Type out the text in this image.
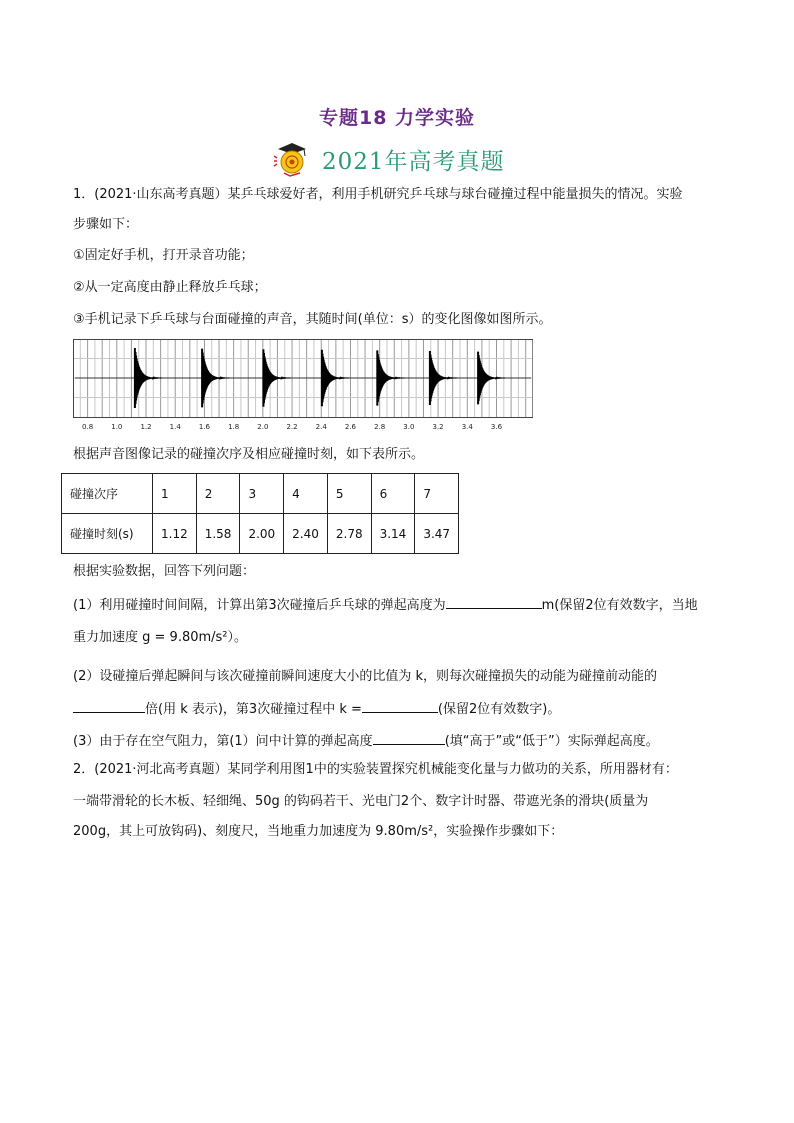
专题18 力学实验
2021年高考真题
1．(2021·山东高考真题）某乒乓球爱好者，利用手机研究乒乓球与球台碰撞过程中能量损失的情况。实验
步骤如下：
①固定好手机，打开录音功能；
②从一定高度由静止释放乒乓球；
③手机记录下乒乓球与台面碰撞的声音，其随时间(单位：s）的变化图像如图所示。
0.8	1.0	1.2	1.4	1.6	1.8	2.0	2.2	2.4	2.6	2.8	3.0	3.2	3.4	3.6
根据声音图像记录的碰撞次序及相应碰撞时刻，如下表所示。
碰撞次序	1	2	3	4	5	6	7
碰撞时刻(s)	1.12	1.58	2.00	2.40	2.78	3.14	3.47
根据实验数据，回答下列问题：
(1）利用碰撞时间间隔，计算出第3次碰撞后乒乓球的弹起高度为	m(保留2位有效数字，当地
重力加速度 g = 9.80m/s²）。
(2）设碰撞后弹起瞬间与该次碰撞前瞬间速度大小的比值为 k，则每次碰撞损失的动能为碰撞前动能的
倍(用 k 表示)，第3次碰撞过程中 k =	(保留2位有效数字)。
(3）由于存在空气阻力，第(1）问中计算的弹起高度	(填“高于”或“低于”）实际弹起高度。
2．(2021·河北高考真题）某同学利用图1中的实验装置探究机械能变化量与力做功的关系，所用器材有：
一端带滑轮的长木板、轻细绳、50g 的钩码若干、光电门2个、数字计时器、带遮光条的滑块(质量为
200g，其上可放钩码)、刻度尺，当地重力加速度为 9.80m/s²，实验操作步骤如下：
